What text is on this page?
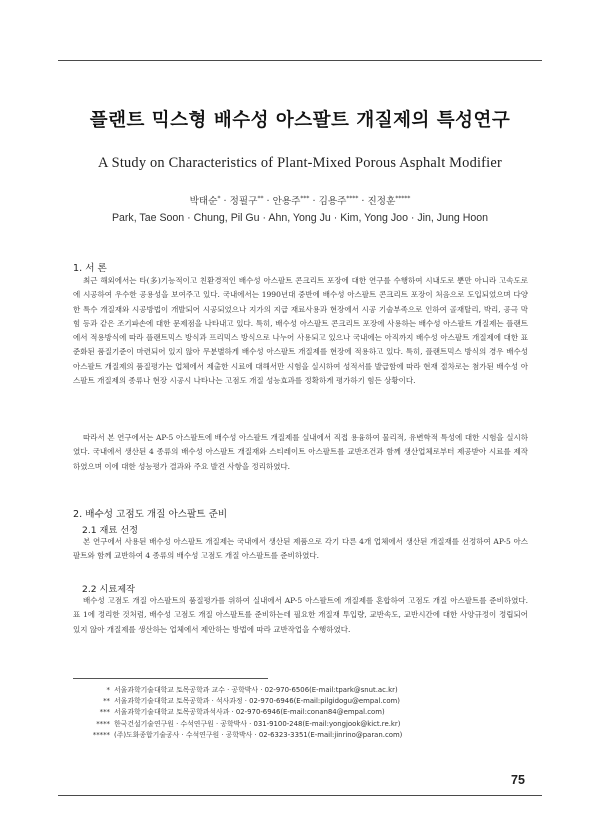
플랜트 믹스형 배수성 아스팔트 개질제의 특성연구
A Study on Characteristics of Plant-Mixed Porous Asphalt Modifier
박태순* · 정필구** · 안용주*** · 김용주**** · 진정훈*****
Park, Tae Soon · Chung, Pil Gu · Ahn, Yong Ju · Kim, Yong Joo · Jin, Jung Hoon
1. 서 론

최근 해외에서는 타(多)기능적이고 친환경적인 배수성 아스팔트 콘크리트 포장에 대한 연구를 수행하여 시내도로 뿐만 아니라 고속도로에 시공하여 우수한 공용성을 보여주고 있다. 국내에서는 1990년대 중반에 배수성 아스팔트 콘크리트 포장이 처음으로 도입되었으며 다양한 특수 개질재와 시공방법이 개발되어 시공되었으나 지가의 지급 재료사용과 현장에서 시공 기술부족으로 인하여 골재탈리, 박리, 공극 막힘 등과 같은 조기파손에 대한 문제점을 나타내고 있다. 특히, 배수성 아스팔트 콘크리트 포장에 사용하는 배수성 아스팔트 개질제는 플랜트에서 적용방식에 따라 플랜트믹스 방식과 프리믹스 방식으로 나누어 사용되고 있으나 국내에는 아직까지 배수성 아스팔트 개질제에 대한 표준화된 품질기준이 마련되어 있지 않아 무분별하게 배수성 아스팔트 개질제를 현장에 적용하고 있다. 특히, 플랜트믹스 방식의 경우 배수성 아스팔트 개질제의 품질평가는 업체에서 제출한 시료에 대해서만 시험을 실시하여 성적서를 발급함에 따라 현재 절차로는 첨가된 배수성 아스팔트 개질제의 종류나 현장 시공시 나타나는 고점도 개질 성능효과를 정확하게 평가하기 힘든 상황이다.

따라서 본 연구에서는 AP-5 아스팔트에 배수성 아스팔트 개질제를 실내에서 직접 용융하여 물리적, 유변학적 특성에 대한 시험을 실시하였다. 국내에서 생산된 4 종류의 배수성 아스팔트 개질재와 스티레이트 아스팔트를 교반조건과 함께 생산업체로부터 제공받아 시료를 제작하였으며 이에 대한 성능평가 결과와 주요 발견 사항을 정리하였다.

2. 배수성 고점도 개질 아스팔트 준비
2.1 재료 선정

본 연구에서 사용된 배수성 아스팔트 개질제는 국내에서 생산된 제품으로 각기 다른 4개 업체에서 생산된 개질재를 선정하여 AP-5 아스팔트와 함께 교반하여 4 종류의 배수성 고점도 개질 아스팔트를 준비하였다.

2.2 시료제작

배수성 고점도 개질 아스팔트의 품질평가를 위하여 실내에서 AP-5 아스팔트에 개질제를 혼합하여 고점도 개질 아스팔트를 준비하였다. 표 1에 정리한 것처럼, 배수성 고점도 개질 아스팔트를 준비하는데 필요한 개질재 투입량, 교반속도, 교반시간에 대한 사양규정이 정립되어 있지 않아 개질제를 생산하는 업체에서 제안하는 방법에 따라 교반작업을 수행하였다.

* 서울과학기술대학교 토목공학과 교수 · 공학박사 · 02-970-6506(E-mail:tpark@snut.ac.kr)
** 서울과학기술대학교 토목공학과 · 석사과정 · 02-970-6946(E-mail:pilgidogu@empal.com)
*** 서울과학기술대학교 토목공학과석사과 · 02-970-6946(E-mail:conan84@empal.com)
**** 한국건설기술연구원 · 수석연구원 · 공학박사 · 031-9100-248(E-mail:yongjook@kict.re.kr)
***** (주)도화종합기술공사 · 수석연구원 · 공학박사 · 02-6323-3351(E-mail:jinrino@paran.com)
75
